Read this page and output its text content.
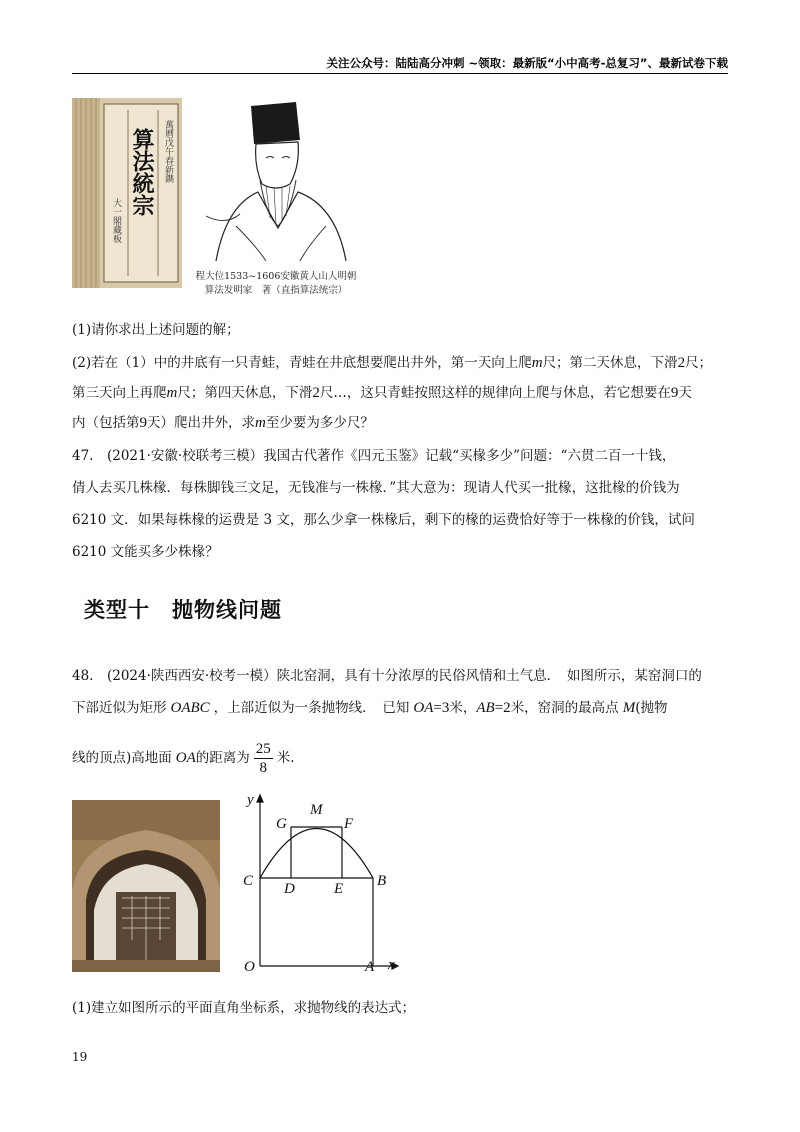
关注公众号：陆陆高分冲刺 ~领取：最新版“小中高考-总复习”、最新试卷下载
萬曆戊午春新鐫
算法統宗
大一閣藏板
程大位1533~1606安徽黄人山人明朝
算法发明家　著（直指算法统宗）
(1)请你求出上述问题的解；
(2)若在（1）中的井底有一只青蛙，青蛙在井底想要爬出井外，第一天向上爬m尺；第二天休息，下滑2尺；
第三天向上再爬m尺；第四天休息，下滑2尺…，这只青蛙按照这样的规律向上爬与休息，若它想要在9天
内（包括第9天）爬出井外，求m至少要为多少尺？
47.　(2021·安徽·校联考三模）我国古代著作《四元玉鉴》记载“买椽多少”问题：“六贯二百一十钱，
倩人去买几株椽．每株脚钱三文足，无钱准与一株椽．”其大意为：现请人代买一批椽，这批椽的价钱为
6210 文．如果每株椽的运费是 3 文，那么少拿一株椽后，剩下的椽的运费恰好等于一株椽的价钱，试问
6210 文能买多少株椽？
类型十　抛物线问题
48.　(2024·陕西西安·校考一模）陕北窑洞，具有十分浓厚的民俗风情和土气息．　如图所示，某窑洞口的
下部近似为矩形 OABC ，上部近似为一条抛物线．　已知 OA=3米，AB=2米，窑洞的最高点 M(抛物
线的顶点)高地面 OA的距离为 $\frac{25}{8}$ 米.
y
x
O	A
B
C D	E
F
G
M
(1)建立如图所示的平面直角坐标系，求抛物线的表达式；
19
